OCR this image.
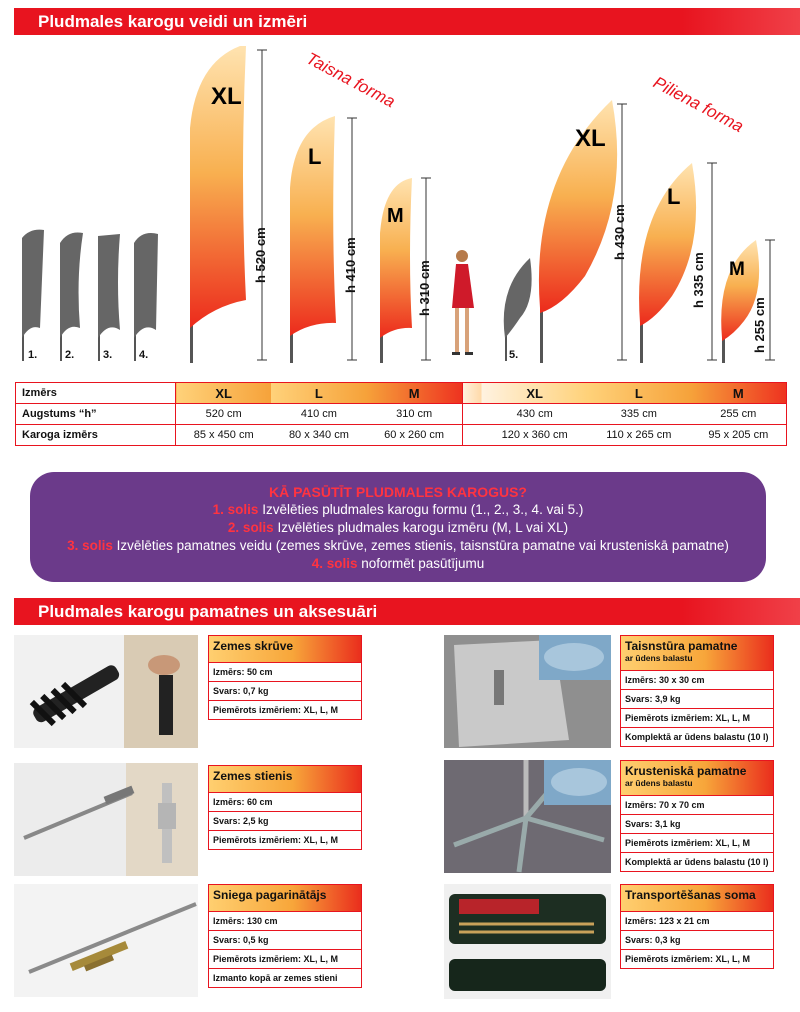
Pludmales karogu veidi un izmēri
1.	2.	3. 4.
XL
h 520 cm
L
h 410 cm
M
h 310 cm
5.
XL
h 430 cm
L
h 335 cm M
h 255 cm
Taisna forma	Piliena forma
Izmērs	XL	L	M		XL	L	M
Augstums “h”	520 cm	410 cm	310 cm		430 cm	335 cm	255 cm
Karoga izmērs	85 x 450 cm	80 x 340 cm	60 x 260 cm		120 x 360 cm	110 x 265 cm	95 x 205 cm
KĀ PASŪTĪT PLUDMALES KAROGUS?
1. solis Izvēlēties pludmales karogu formu (1., 2., 3., 4. vai 5.)
2. solis Izvēlēties pludmales karogu izmēru (M, L vai XL)
3. solis Izvēlēties pamatnes veidu (zemes skrūve, zemes stienis, taisnstūra pamatne vai krusteniskā pamatne)
4. solis noformēt pasūtījumu
Pludmales karogu pamatnes un aksesuāri
Zemes skrūve
Izmērs: 50 cm
Svars: 0,7 kg
Piemērots izmēriem: XL, L, M
Zemes stienis
Izmērs: 60 cm
Svars: 2,5 kg
Piemērots izmēriem: XL, L, M
Sniega pagarinātājs
Izmērs: 130 cm
Svars: 0,5 kg
Piemērots izmēriem: XL, L, M
Izmanto kopā ar zemes stieni
Taisnstūra pamatne
ar ūdens balastu
Izmērs: 30 x 30 cm
Svars: 3,9 kg
Piemērots izmēriem: XL, L, M
Komplektā ar ūdens balastu (10 l)
Krusteniskā pamatne
ar ūdens balastu
Izmērs: 70 x 70 cm
Svars: 3,1 kg
Piemērots izmēriem: XL, L, M
Komplektā ar ūdens balastu (10 l)
Transportēšanas soma
Izmērs: 123 x 21 cm
Svars: 0,3 kg
Piemērots izmēriem: XL, L, M
